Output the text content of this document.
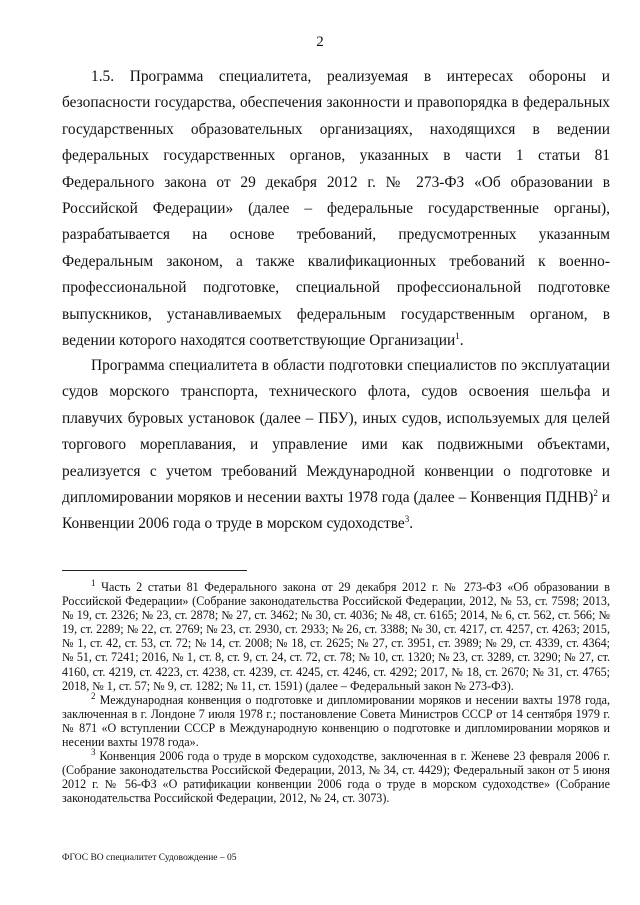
2

1.5. Программа специалитета, реализуемая в интересах обороны и безопасности государства, обеспечения законности и правопорядка в федеральных государственных образовательных организациях, находящихся в ведении федеральных государственных органов, указанных в части 1 статьи 81 Федерального закона от 29 декабря 2012 г. № 273-ФЗ «Об образовании в Российской Федерации» (далее – федеральные государственные органы), разрабатывается на основе требований, предусмотренных указанным Федеральным законом, а также квалификационных требований к военно-профессиональной подготовке, специальной профессиональной подготовке выпускников, устанавливаемых федеральным государственным органом, в ведении которого находятся соответствующие Организации$^1$.

Программа специалитета в области подготовки специалистов по эксплуатации судов морского транспорта, технического флота, судов освоения шельфа и плавучих буровых установок (далее – ПБУ), иных судов, используемых для целей торгового мореплавания, и управление ими как подвижными объектами, реализуется с учетом требований Международной конвенции о подготовке и дипломировании моряков и несении вахты 1978 года (далее – Конвенция ПДНВ)$^2$ и Конвенции 2006 года о труде в морском судоходстве$^3$.

$^1$ Часть 2 статьи 81 Федерального закона от 29 декабря 2012 г. № 273-ФЗ «Об образовании в Российской Федерации» (Собрание законодательства Российской Федерации, 2012, № 53, ст. 7598; 2013, № 19, ст. 2326; № 23, ст. 2878; № 27, ст. 3462; № 30, ст. 4036; № 48, ст. 6165; 2014, № 6, ст. 562, ст. 566; № 19, ст. 2289; № 22, ст. 2769; № 23, ст. 2930, ст. 2933; № 26, ст. 3388; № 30, ст. 4217, ст. 4257, ст. 4263; 2015, № 1, ст. 42, ст. 53, ст. 72; № 14, ст. 2008; № 18, ст. 2625; № 27, ст. 3951, ст. 3989; № 29, ст. 4339, ст. 4364; № 51, ст. 7241; 2016, № 1, ст. 8, ст. 9, ст. 24, ст. 72, ст. 78; № 10, ст. 1320; № 23, ст. 3289, ст. 3290; № 27, ст. 4160, ст. 4219, ст. 4223, ст. 4238, ст. 4239, ст. 4245, ст. 4246, ст. 4292; 2017, № 18, ст. 2670; № 31, ст. 4765; 2018, № 1, ст. 57; № 9, ст. 1282; № 11, ст. 1591) (далее – Федеральный закон № 273-ФЗ).

$^2$ Международная конвенция о подготовке и дипломировании моряков и несении вахты 1978 года, заключенная в г. Лондоне 7 июля 1978 г.; постановление Совета Министров СССР от 14 сентября 1979 г. № 871 «О вступлении СССР в Международную конвенцию о подготовке и дипломировании моряков и несении вахты 1978 года».

$^3$ Конвенция 2006 года о труде в морском судоходстве, заключенная в г. Женеве 23 февраля 2006 г. (Собрание законодательства Российской Федерации, 2013, № 34, ст. 4429); Федеральный закон от 5 июня 2012 г. № 56-ФЗ «О ратификации конвенции 2006 года о труде в морском судоходстве» (Собрание законодательства Российской Федерации, 2012, № 24, ст. 3073).

ФГОС ВО специалитет Судовождение – 05
